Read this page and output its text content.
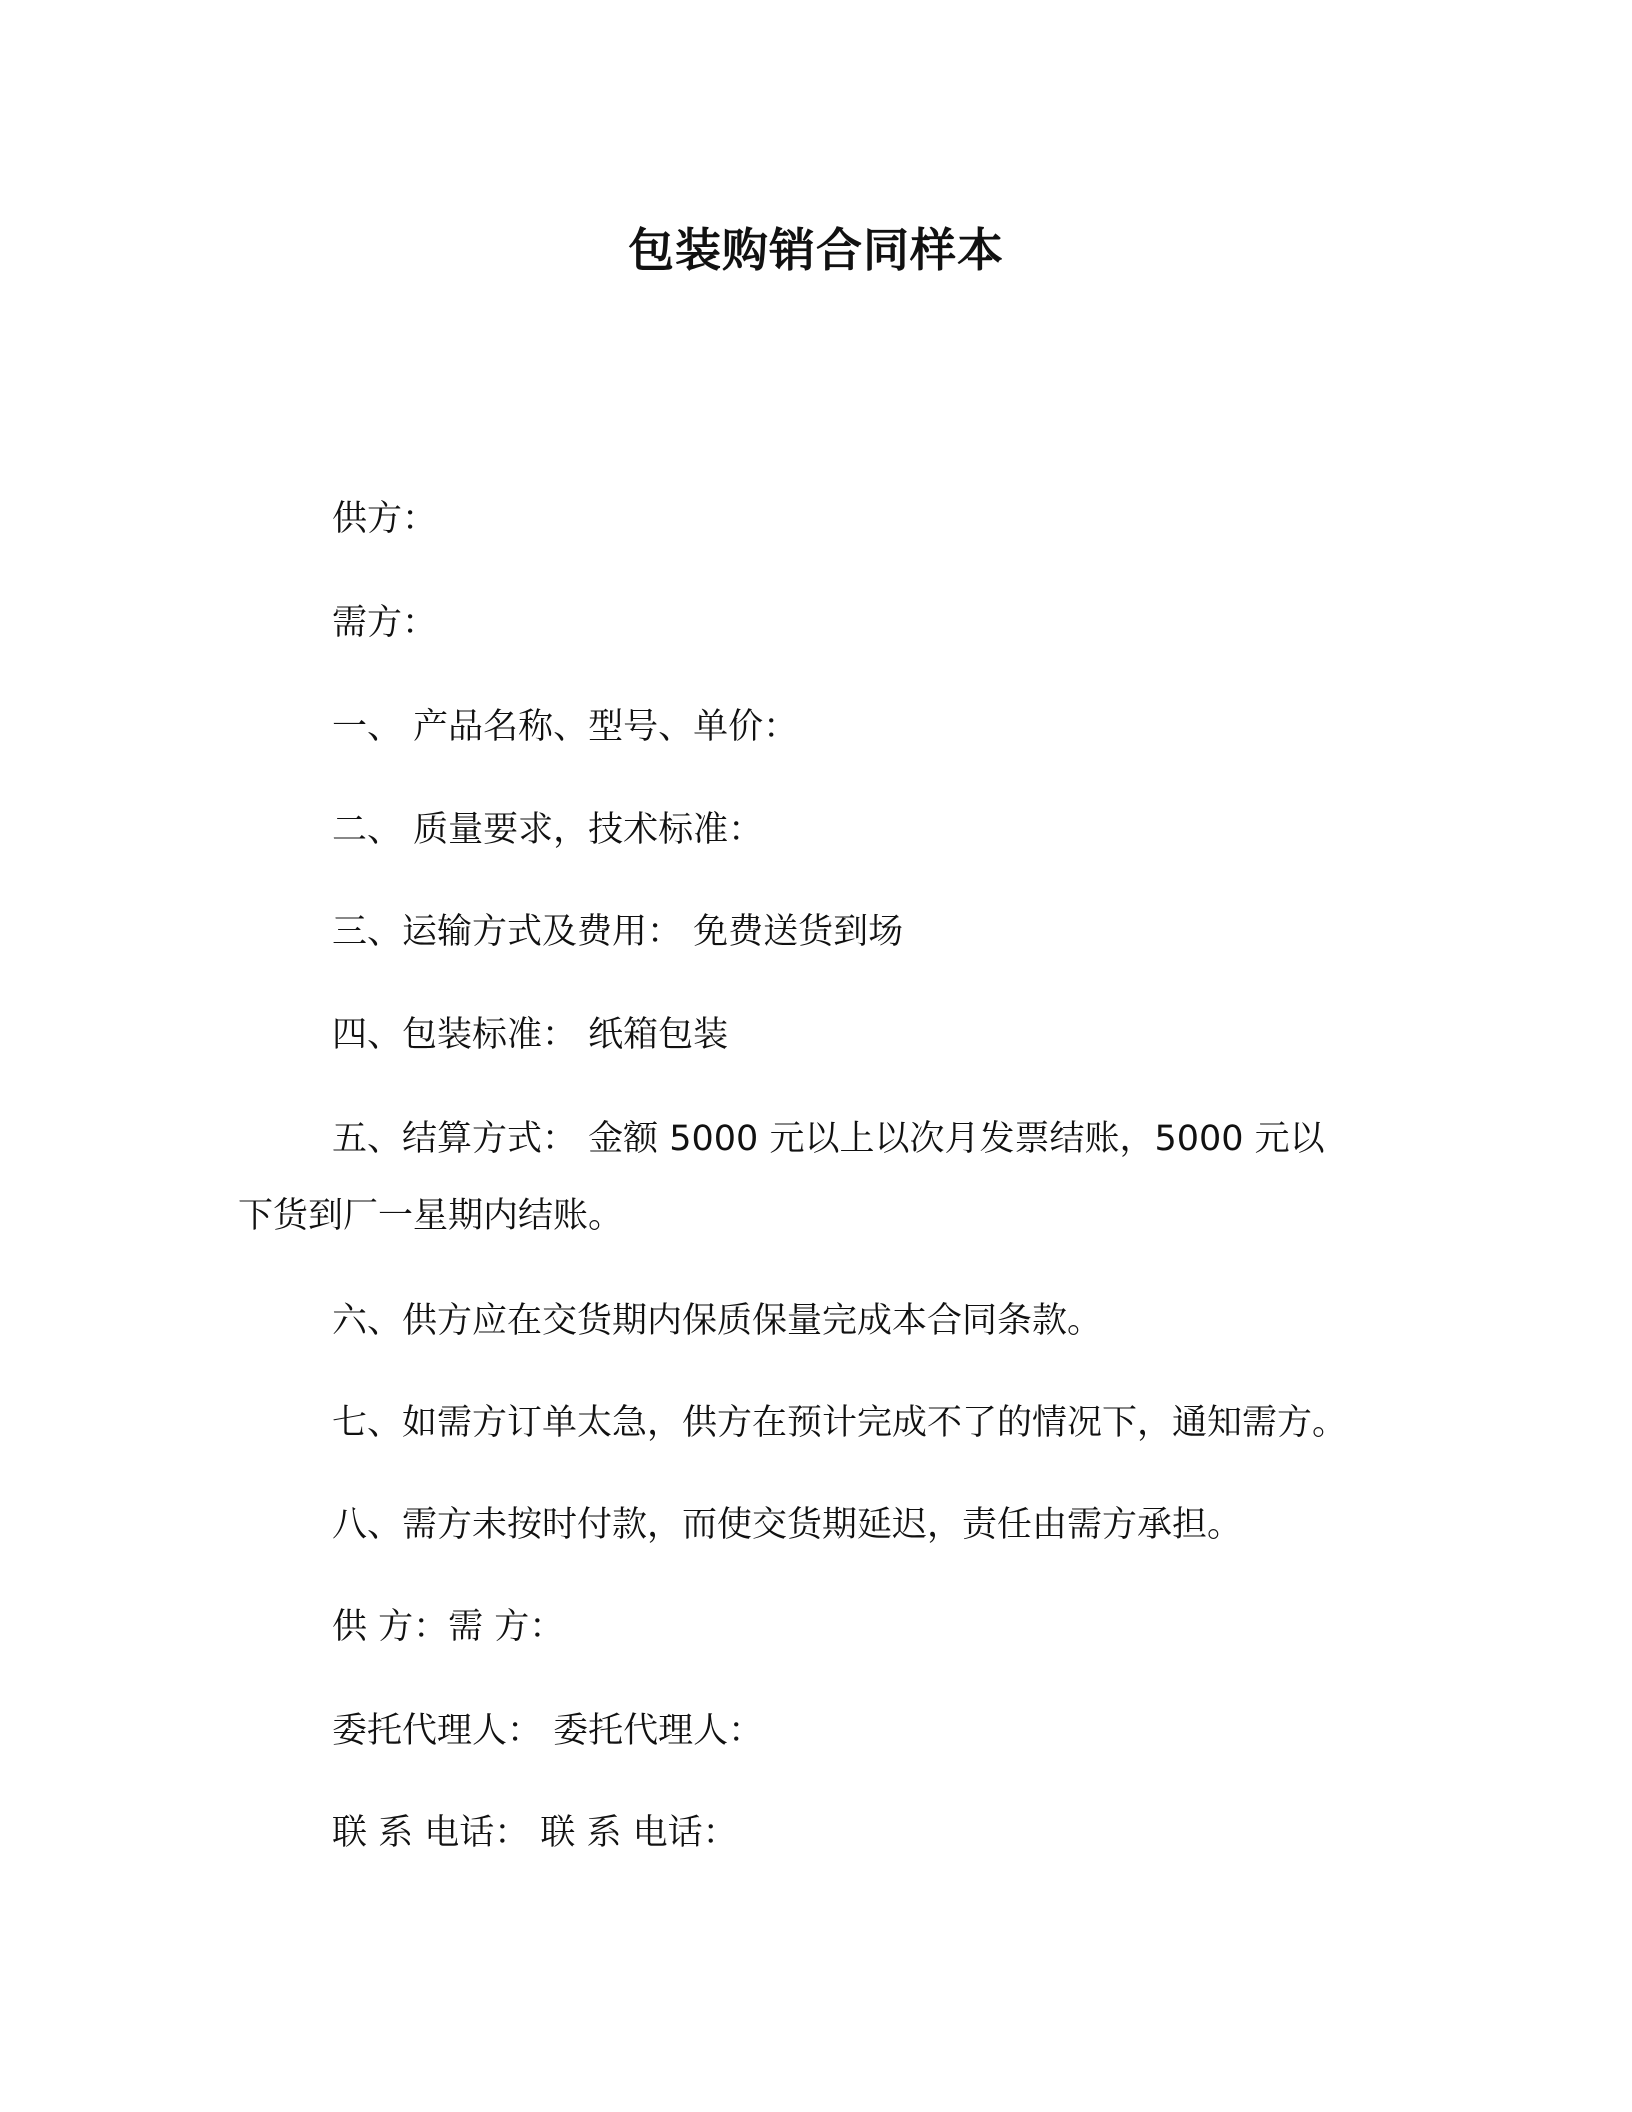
包装购销合同样本
供方：
需方：
一、 产品名称、型号、单价：
二、 质量要求，技术标准：
三、运输方式及费用： 免费送货到场
四、包装标准： 纸箱包装
五、结算方式： 金额 5000 元以上以次月发票结账，5000 元以
下货到厂一星期内结账。
六、供方应在交货期内保质保量完成本合同条款。
七、如需方订单太急，供方在预计完成不了的情况下，通知需方。
八、需方未按时付款，而使交货期延迟，责任由需方承担。
供 方：需 方：
委托代理人： 委托代理人：
联 系 电话： 联 系 电话：
